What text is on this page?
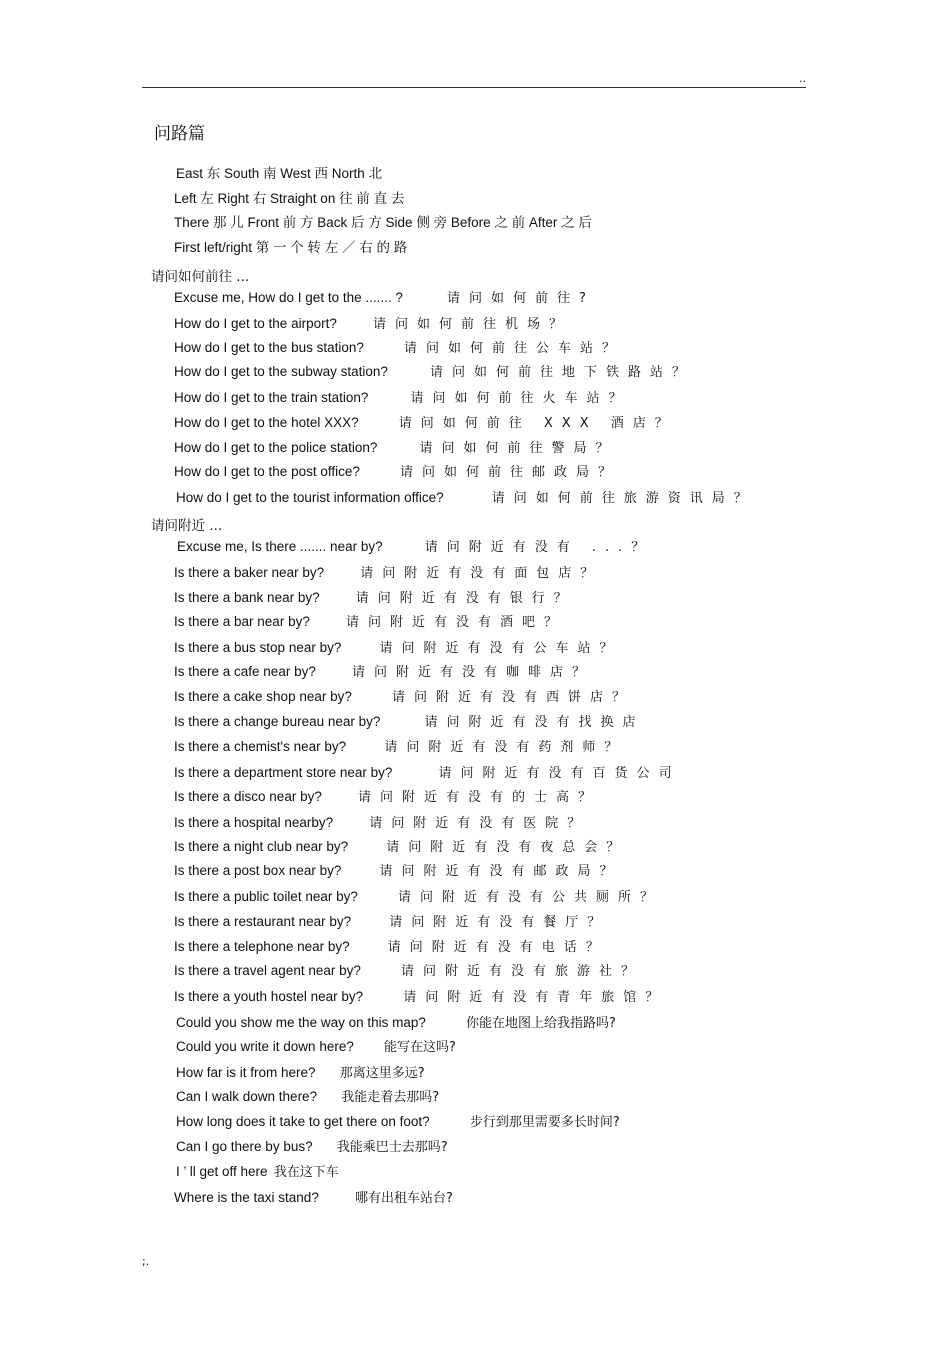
..
问路篇
East 东 South 南 West 西 North 北
Left 左 Right 右 Straight on 往 前 直 去
There 那 儿 Front 前 方 Back 后 方 Side 侧 旁 Before 之 前 After 之 后
First left/right 第 一 个 转 左 ／ 右 的 路
请问如何前往 ...
Excuse me, How do I get to the ....... ?	请问如何前往?
How do I get to the airport?	请问如何前往机场？
How do I get to the bus station?	请问如何前往公车站？
How do I get to the subway station?	请问如何前往地下铁路站？
How do I get to the train station?	请问如何前往火车站？
How do I get to the hotel XXX?	请问如何前往 XXX 酒店？
How do I get to the police station?	请问如何前往警局？
How do I get to the post office?	请问如何前往邮政局？
How do I get to the tourist information office?	请问如何前往旅游资讯局？
请问附近 ...
Excuse me, Is there ....... near by?	请问附近有没有 ...？
Is there a baker near by?	请问附近有没有面包店？
Is there a bank near by?	请问附近有没有银行？
Is there a bar near by?	请问附近有没有酒吧？
Is there a bus stop near by?	请问附近有没有公车站？
Is there a cafe near by?	请问附近有没有咖啡店？
Is there a cake shop near by?	请问附近有没有西饼店？
Is there a change bureau near by?	请问附近有没有找换店
Is there a chemist's near by?	请问附近有没有药剂师？
Is there a department store near by?	请问附近有没有百货公司
Is there a disco near by?	请问附近有没有的士高？
Is there a hospital nearby?	请问附近有没有医院？
Is there a night club near by?	请问附近有没有夜总会？
Is there a post box near by?	请问附近有没有邮政局？
Is there a public toilet near by?	请问附近有没有公共厕所？
Is there a restaurant near by?	请问附近有没有餐厅？
Is there a telephone near by?	请问附近有没有电话？
Is there a travel agent near by?	请问附近有没有旅游社？
Is there a youth hostel near by?	请问附近有没有青年旅馆？
Could you show me the way on this map?	你能在地图上给我指路吗?
Could you write it down here? 能写在这吗?
How far is it from here? 那离这里多远?
Can I walk down there? 我能走着去那吗?
How long does it take to get there on foot?	步行到那里需要多长时间?
Can I go there by bus? 我能乘巴士去那吗?
I ’ ll get off here 我在这下车
Where is the taxi stand?	哪有出租车站台?
;.
